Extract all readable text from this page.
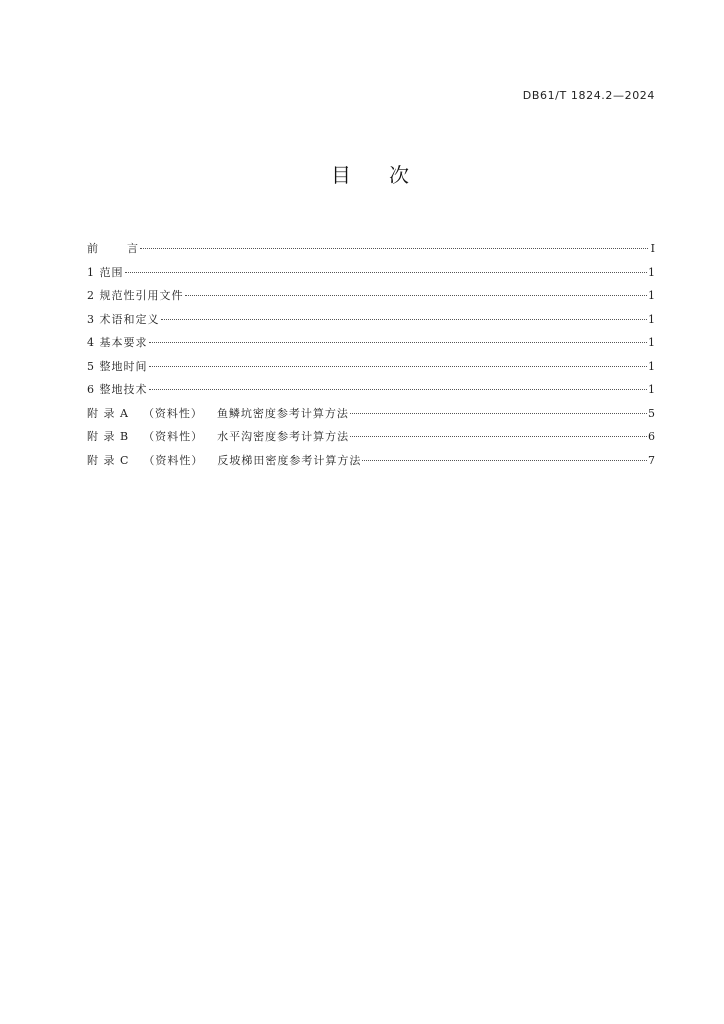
DB61/T 1824.2—2024
目 次
前	言	I
1 范围	1
2 规范性引用文件	1
3 术语和定义	1
4 基本要求	1
5 整地时间	1
6 整地技术	1
附 录 A （资料性） 鱼鳞坑密度参考计算方法	5
附 录 B （资料性） 水平沟密度参考计算方法	6
附 录 C （资料性） 反坡梯田密度参考计算方法	7
